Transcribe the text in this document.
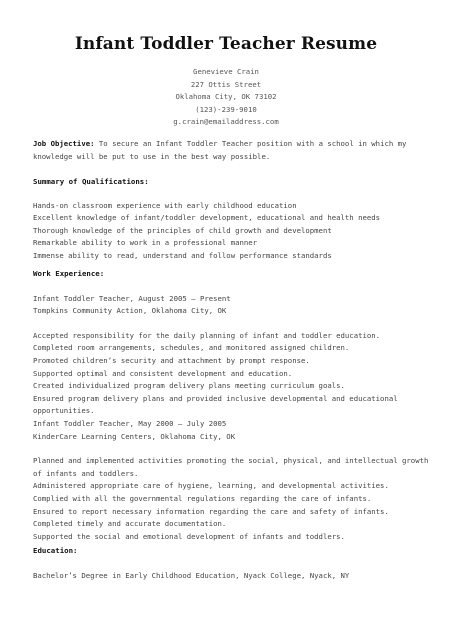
Infant Toddler Teacher Resume
Genevieve Crain
227 Ottis Street
Oklahoma City, OK 73102
(123)-239-9010
g.crain@emailaddress.com
Job Objective: To secure an Infant Toddler Teacher position with a school in which my knowledge will be put to use in the best way possible.
Summary of Qualifications:
Hands-on classroom experience with early childhood education
Excellent knowledge of infant/toddler development, educational and health needs
Thorough knowledge of the principles of child growth and development
Remarkable ability to work in a professional manner
Immense ability to read, understand and follow performance standards
Work Experience:
Infant Toddler Teacher, August 2005 – Present
Tompkins Community Action, Oklahoma City, OK
Accepted responsibility for the daily planning of infant and toddler education.
Completed room arrangements, schedules, and monitored assigned children.
Promoted children’s security and attachment by prompt response.
Supported optimal and consistent development and education.
Created individualized program delivery plans meeting curriculum goals.
Ensured program delivery plans and provided inclusive developmental and educational opportunities.
Infant Toddler Teacher, May 2000 – July 2005
KinderCare Learning Centers, Oklahoma City, OK
Planned and implemented activities promoting the social, physical, and intellectual growth of infants and toddlers.
Administered appropriate care of hygiene, learning, and developmental activities.
Complied with all the governmental regulations regarding the care of infants.
Ensured to report necessary information regarding the care and safety of infants.
Completed timely and accurate documentation.
Supported the social and emotional development of infants and toddlers.
Education:
Bachelor’s Degree in Early Childhood Education, Nyack College, Nyack, NY
